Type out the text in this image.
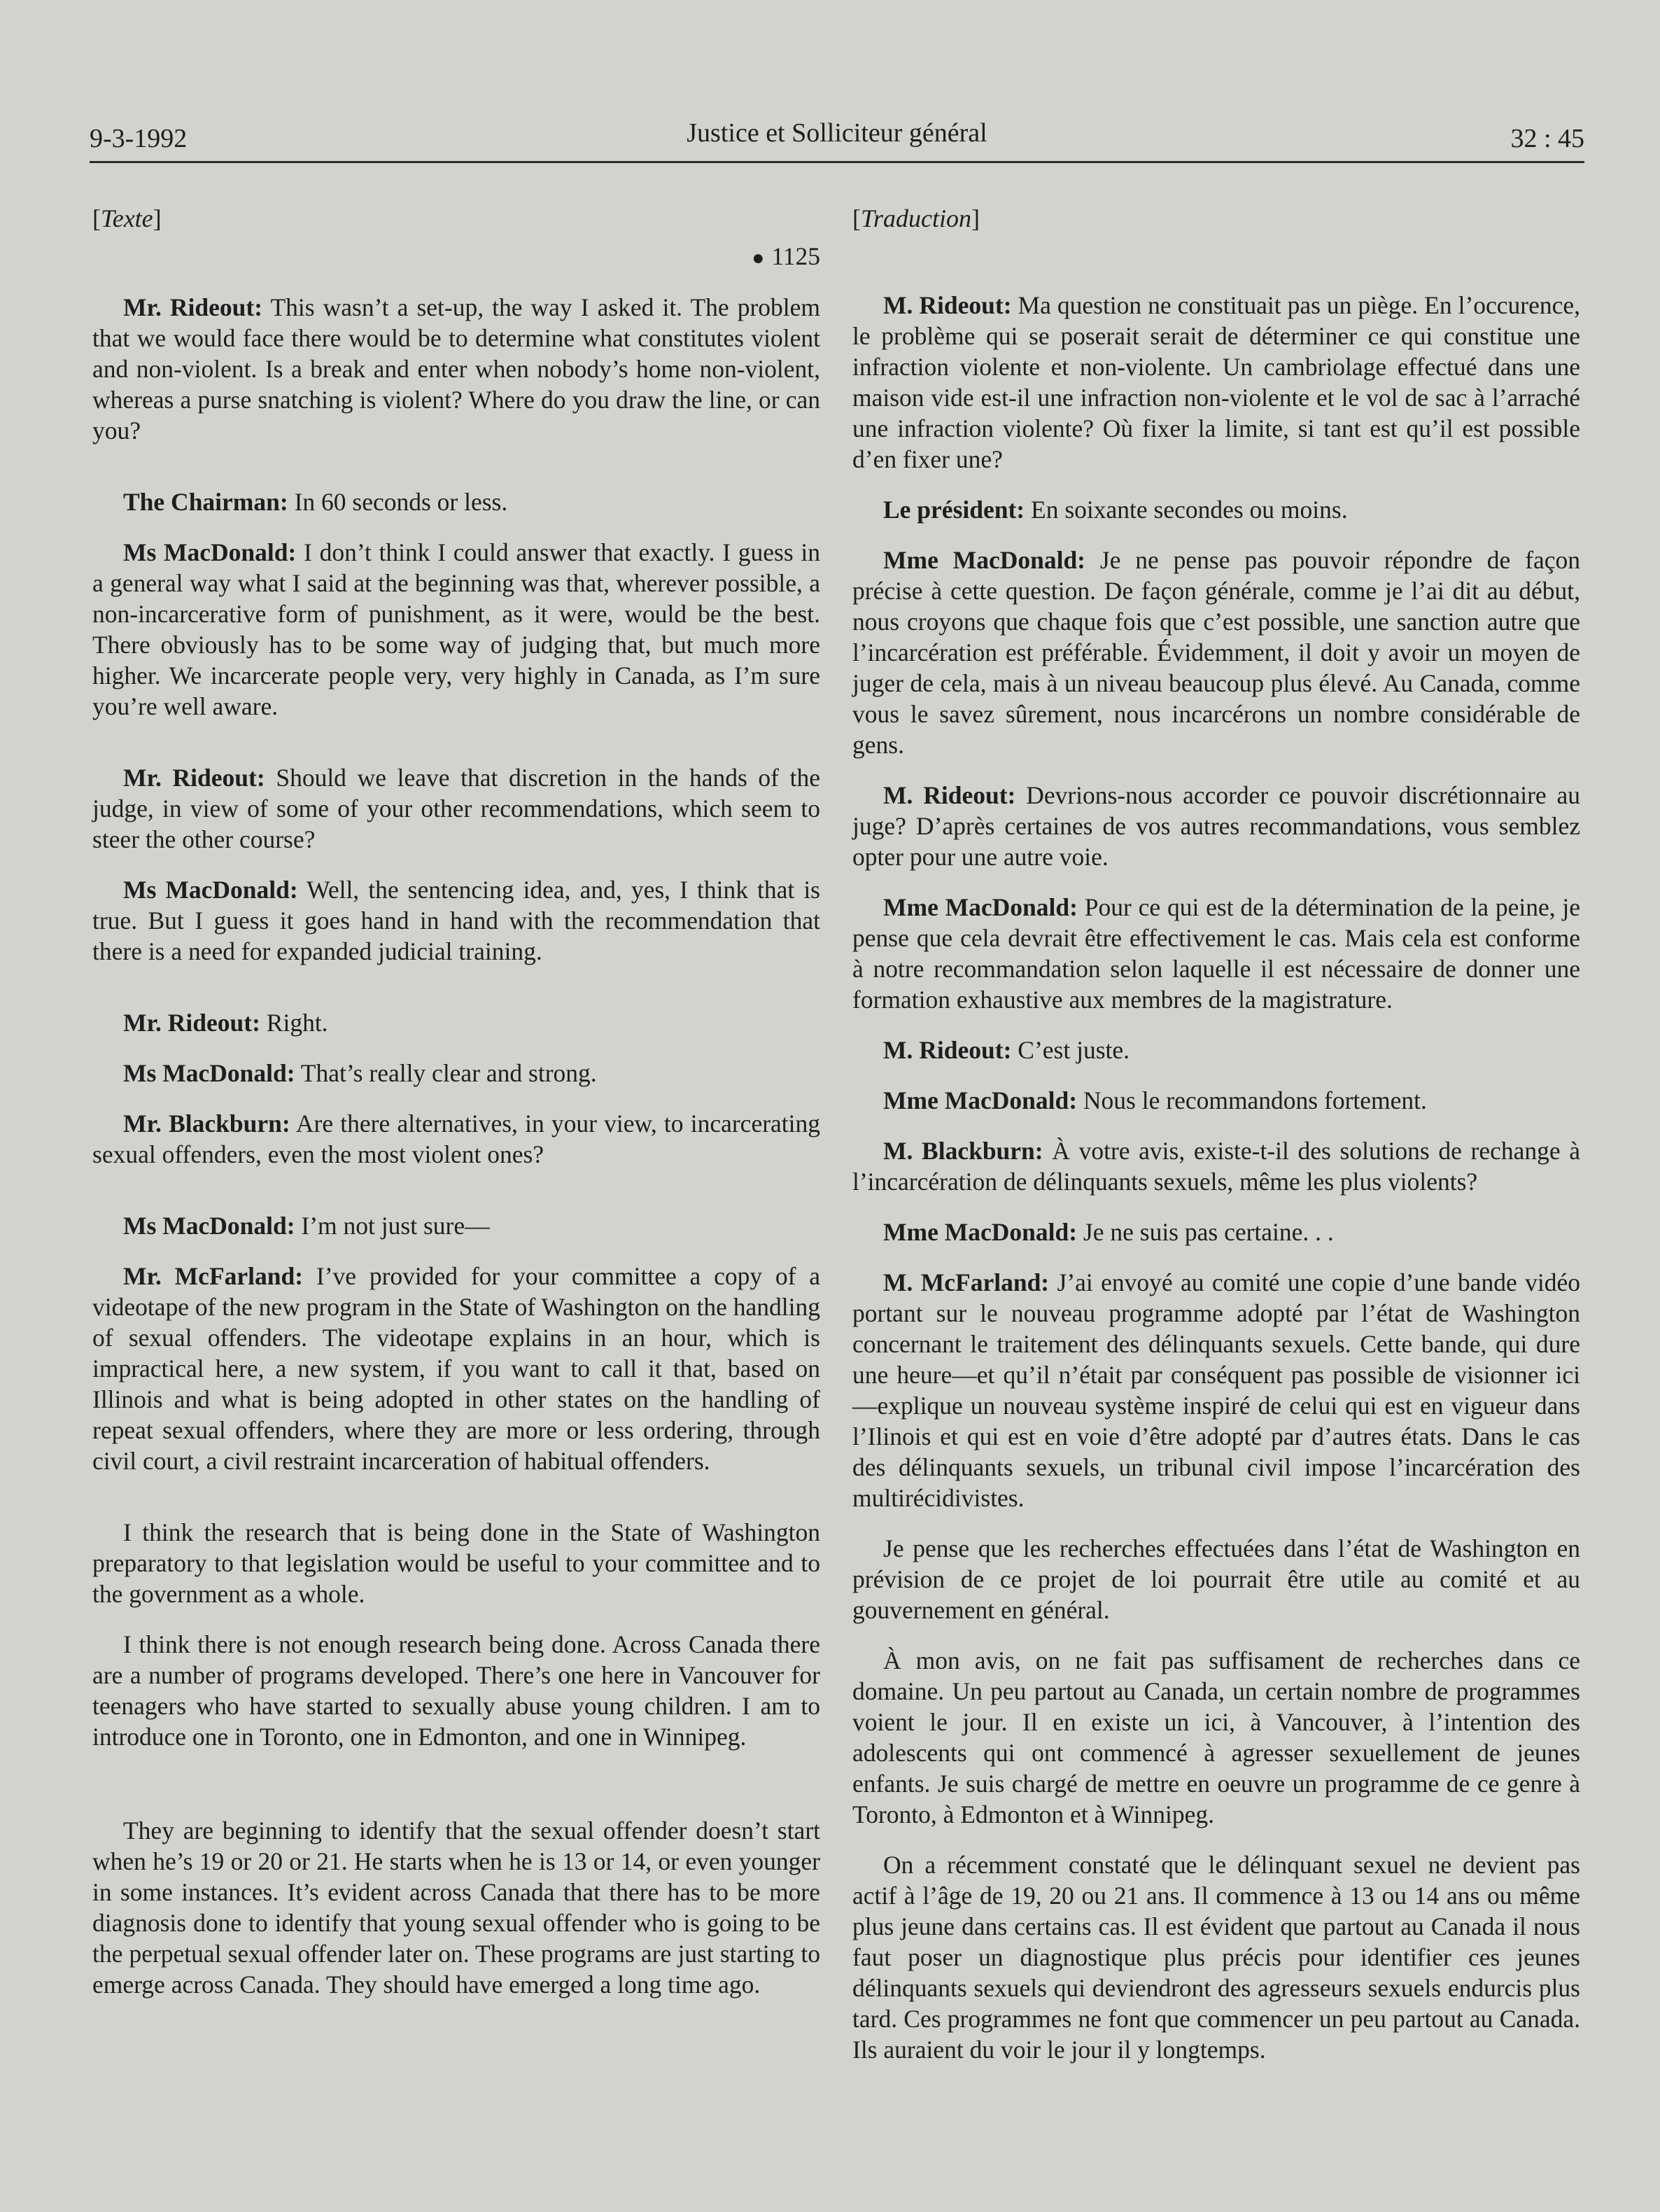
9-3-1992	Justice et Solliciteur général	32 : 45
[Texte]
● 1125

Mr. Rideout: This wasn’t a set-up, the way I asked it. The problem that we would face there would be to determine what constitutes violent and non-violent. Is a break and enter when nobody’s home non-violent, whereas a purse snatching is violent? Where do you draw the line, or can you?

The Chairman: In 60 seconds or less.

Ms MacDonald: I don’t think I could answer that exactly. I guess in a general way what I said at the beginning was that, wherever possible, a non-incarcerative form of punishment, as it were, would be the best. There obviously has to be some way of judging that, but much more higher. We incarcerate people very, very highly in Canada, as I’m sure you’re well aware.

Mr. Rideout: Should we leave that discretion in the hands of the judge, in view of some of your other recommendations, which seem to steer the other course?

Ms MacDonald: Well, the sentencing idea, and, yes, I think that is true. But I guess it goes hand in hand with the recommendation that there is a need for expanded judicial training.

Mr. Rideout: Right.

Ms MacDonald: That’s really clear and strong.

Mr. Blackburn: Are there alternatives, in your view, to incarcerating sexual offenders, even the most violent ones?

Ms MacDonald: I’m not just sure—

Mr. McFarland: I’ve provided for your committee a copy of a videotape of the new program in the State of Washington on the handling of sexual offenders. The videotape explains in an hour, which is impractical here, a new system, if you want to call it that, based on Illinois and what is being adopted in other states on the handling of repeat sexual offenders, where they are more or less ordering, through civil court, a civil restraint incarceration of habitual offenders.

I think the research that is being done in the State of Washington preparatory to that legislation would be useful to your committee and to the government as a whole.

I think there is not enough research being done. Across Canada there are a number of programs developed. There’s one here in Vancouver for teenagers who have started to sexually abuse young children. I am to introduce one in Toronto, one in Edmonton, and one in Winnipeg.

They are beginning to identify that the sexual offender doesn’t start when he’s 19 or 20 or 21. He starts when he is 13 or 14, or even younger in some instances. It’s evident across Canada that there has to be more diagnosis done to identify that young sexual offender who is going to be the perpetual sexual offender later on. These programs are just starting to emerge across Canada. They should have emerged a long time ago.

[Traduction]

M. Rideout: Ma question ne constituait pas un piège. En l’occurence, le problème qui se poserait serait de déterminer ce qui constitue une infraction violente et non-violente. Un cambriolage effectué dans une maison vide est-il une infraction non-violente et le vol de sac à l’arraché une infraction violente? Où fixer la limite, si tant est qu’il est possible d’en fixer une?

Le président: En soixante secondes ou moins.

Mme MacDonald: Je ne pense pas pouvoir répondre de façon précise à cette question. De façon générale, comme je l’ai dit au début, nous croyons que chaque fois que c’est possible, une sanction autre que l’incarcération est préférable. Évidemment, il doit y avoir un moyen de juger de cela, mais à un niveau beaucoup plus élevé. Au Canada, comme vous le savez sûrement, nous incarcérons un nombre considérable de gens.

M. Rideout: Devrions-nous accorder ce pouvoir discrétionnaire au juge? D’après certaines de vos autres recommandations, vous semblez opter pour une autre voie.

Mme MacDonald: Pour ce qui est de la détermination de la peine, je pense que cela devrait être effectivement le cas. Mais cela est conforme à notre recommandation selon laquelle il est nécessaire de donner une formation exhaustive aux membres de la magistrature.

M. Rideout: C’est juste.

Mme MacDonald: Nous le recommandons fortement.

M. Blackburn: À votre avis, existe-t-il des solutions de rechange à l’incarcération de délinquants sexuels, même les plus violents?

Mme MacDonald: Je ne suis pas certaine. . .

M. McFarland: J’ai envoyé au comité une copie d’une bande vidéo portant sur le nouveau programme adopté par l’état de Washington concernant le traitement des délinquants sexuels. Cette bande, qui dure une heure—et qu’il n’était par conséquent pas possible de visionner ici—explique un nouveau système inspiré de celui qui est en vigueur dans l’Ilinois et qui est en voie d’être adopté par d’autres états. Dans le cas des délinquants sexuels, un tribunal civil impose l’incarcération des multirécidivistes.

Je pense que les recherches effectuées dans l’état de Washington en prévision de ce projet de loi pourrait être utile au comité et au gouvernement en général.

À mon avis, on ne fait pas suffisament de recherches dans ce domaine. Un peu partout au Canada, un certain nombre de programmes voient le jour. Il en existe un ici, à Vancouver, à l’intention des adolescents qui ont commencé à agresser sexuellement de jeunes enfants. Je suis chargé de mettre en oeuvre un programme de ce genre à Toronto, à Edmonton et à Winnipeg.

On a récemment constaté que le délinquant sexuel ne devient pas actif à l’âge de 19, 20 ou 21 ans. Il commence à 13 ou 14 ans ou même plus jeune dans certains cas. Il est évident que partout au Canada il nous faut poser un diagnostique plus précis pour identifier ces jeunes délinquants sexuels qui deviendront des agresseurs sexuels endurcis plus tard. Ces programmes ne font que commencer un peu partout au Canada. Ils auraient du voir le jour il y longtemps.
